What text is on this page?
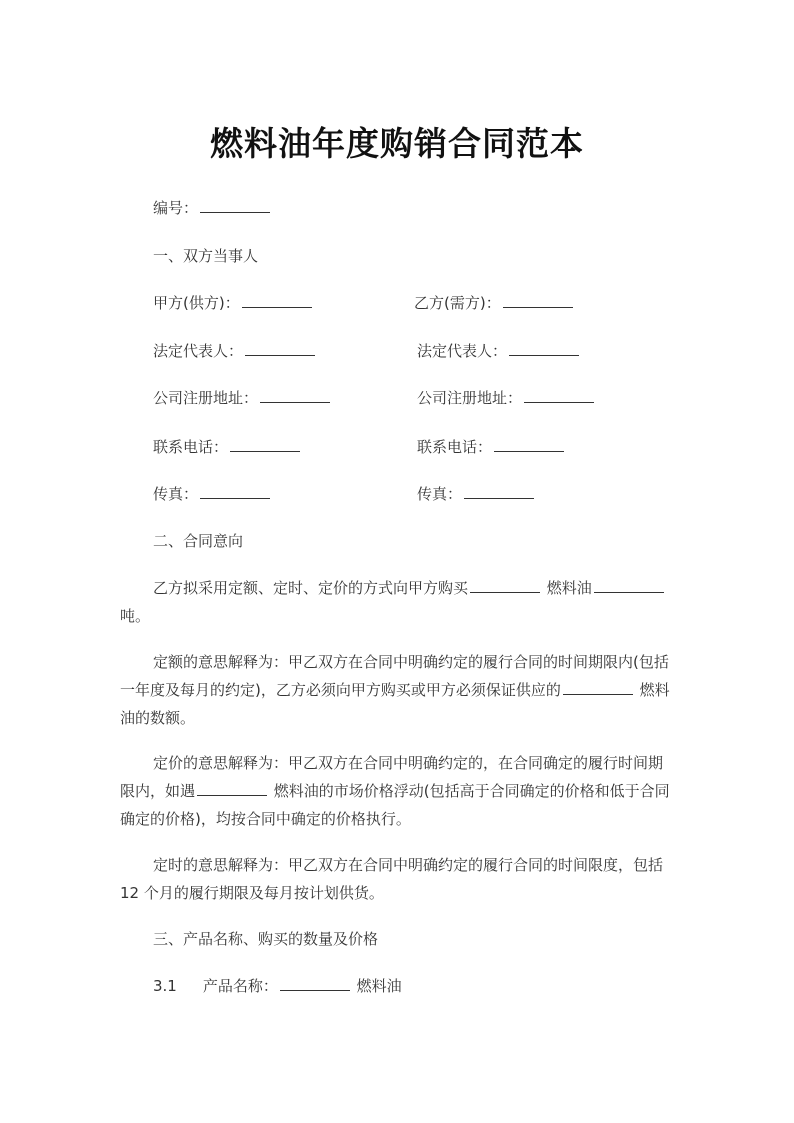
燃料油年度购销合同范本
编号：
一、双方当事人
甲方(供方)：	乙方(需方)：
法定代表人：	法定代表人：
公司注册地址：	公司注册地址：
联系电话：	联系电话：
传真：	传真：
二、合同意向
乙方拟采用定额、定时、定价的方式向甲方购买	燃料油吨。
定额的意思解释为：甲乙双方在合同中明确约定的履行合同的时间期限内(包括一年度及每月的约定)，乙方必须向甲方购买或甲方必须保证供应的	燃料油的数额。
定价的意思解释为：甲乙双方在合同中明确约定的，在合同确定的履行时间期限内，如遇	燃料油的市场价格浮动(包括高于合同确定的价格和低于合同确定的价格)，均按合同中确定的价格执行。
定时的意思解释为：甲乙双方在合同中明确约定的履行合同的时间限度，包括 12 个月的履行期限及每月按计划供货。
三、产品名称、购买的数量及价格
3.1 产品名称：	燃料油
